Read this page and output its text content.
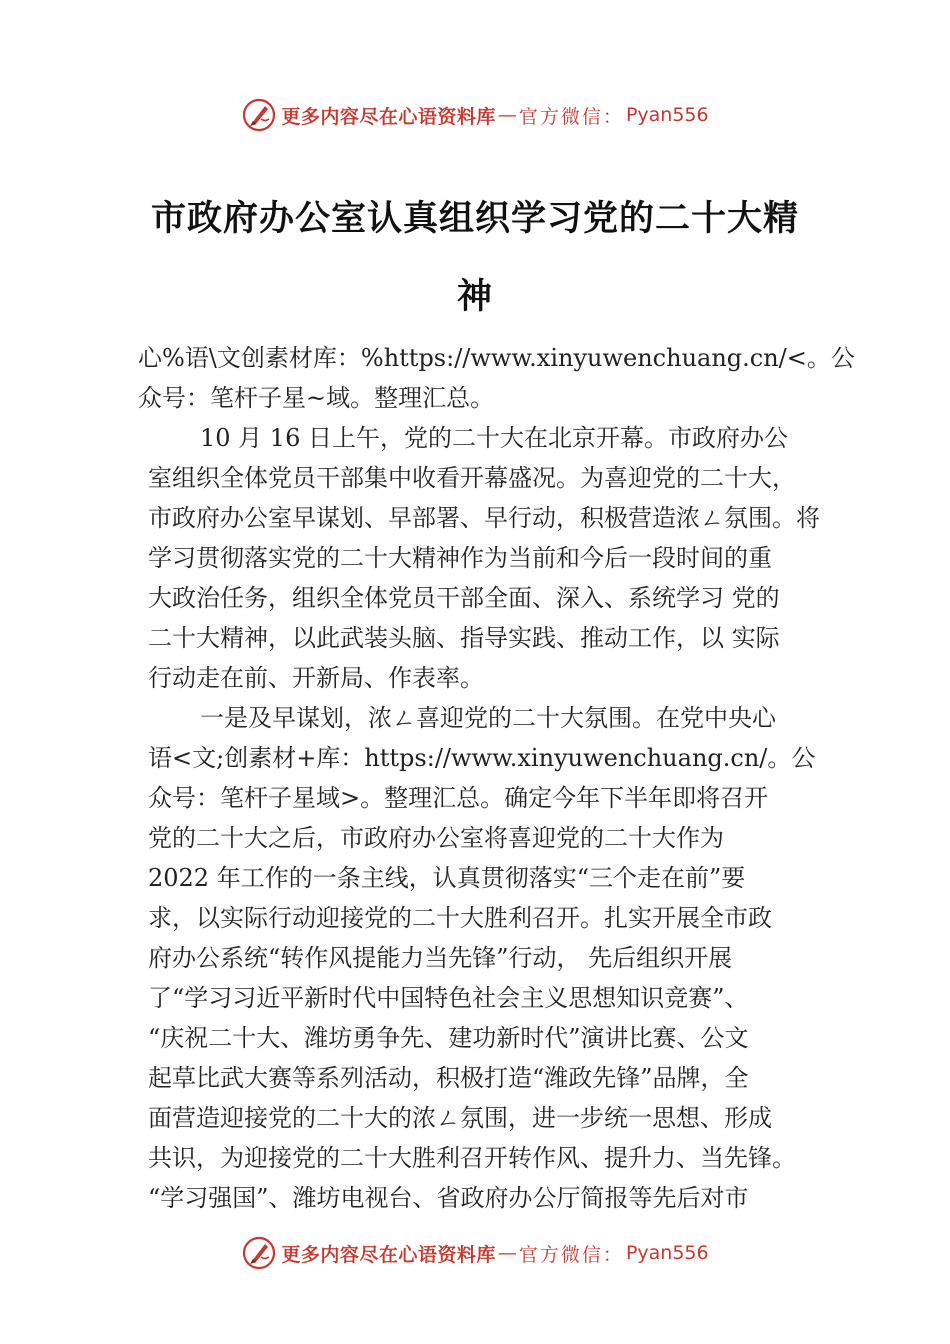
更多内容尽在心语资料库 — 官方微信： Pyan556
市政府办公室认真组织学习党的二十大精
神
心%语\文创素材库：%https://www.xinyuwenchuang.cn/<。公
众号：笔杆子星~域。整理汇总。
10 月 16 日上午，党的二十大在北京开幕。市政府办公
室组织全体党员干部集中收看开幕盛况。为喜迎党的二十大，
市政府办公室早谋划、早部署、早行动，积极营造浓ㄥ氛围。将
学习贯彻落实党的二十大精神作为当前和今后一段时间的重
大政治任务，组织全体党员干部全面、深入、系统学习 党的
二十大精神，以此武装头脑、指导实践、推动工作，以 实际
行动走在前、开新局、作表率。
一是及早谋划，浓ㄥ喜迎党的二十大氛围。在党中央心
语<文;创素材+库：https://www.xinyuwenchuang.cn/。公
众号：笔杆子星域>。整理汇总。确定今年下半年即将召开
党的二十大之后，市政府办公室将喜迎党的二十大作为
2022 年工作的一条主线，认真贯彻落实“三个走在前”要
求，以实际行动迎接党的二十大胜利召开。扎实开展全市政
府办公系统“转作风提能力当先锋”行动， 先后组织开展
了“学习习近平新时代中国特色社会主义思想知识竞赛”、
“庆祝二十大、潍坊勇争先、建功新时代”演讲比赛、公文
起草比武大赛等系列活动，积极打造“潍政先锋”品牌，全
面营造迎接党的二十大的浓ㄥ氛围，进一步统一思想、形成
共识，为迎接党的二十大胜利召开转作风、提升力、当先锋。
“学习强国”、潍坊电视台、省政府办公厅简报等先后对市
更多内容尽在心语资料库 — 官方微信： Pyan556
